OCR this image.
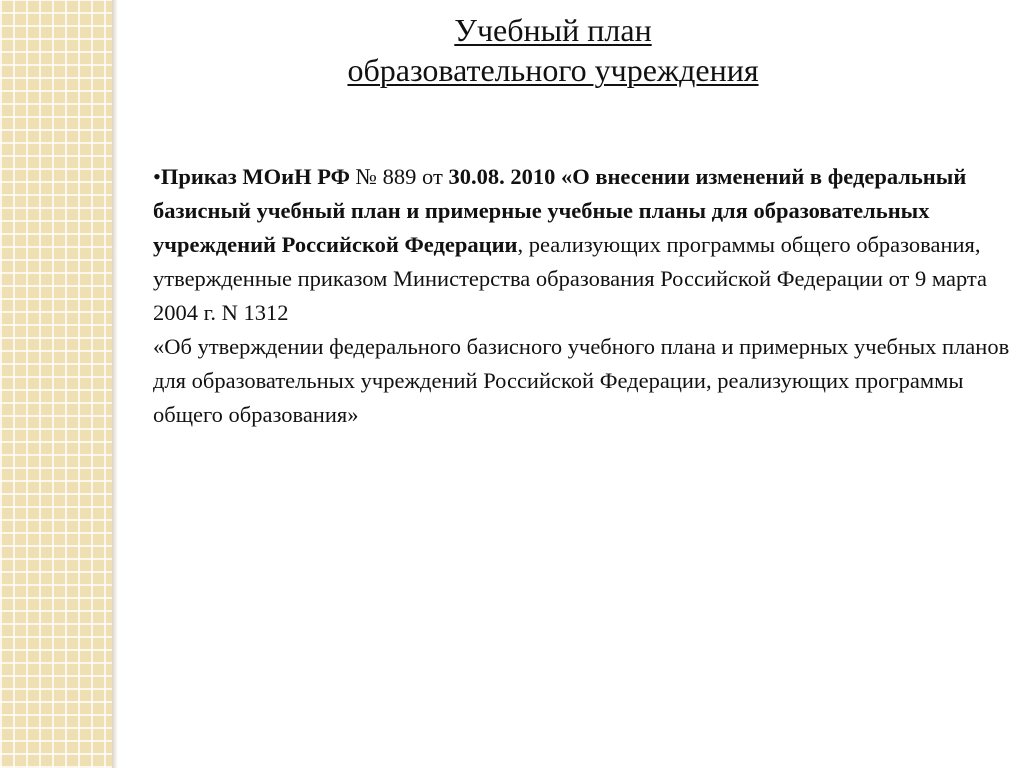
Учебный план
образовательного учреждения

•Приказ МОиН РФ № 889 от 30.08. 2010 «О внесении изменений в федеральный базисный учебный план и примерные учебные планы для образовательных учреждений Российской Федерации, реализующих программы общего образования, утвержденные приказом Министерства образования Российской Федерации от 9 марта 2004 г. N 1312
«Об утверждении федерального базисного учебного плана и примерных учебных планов для образовательных учреждений Российской Федерации, реализующих программы общего образования»
